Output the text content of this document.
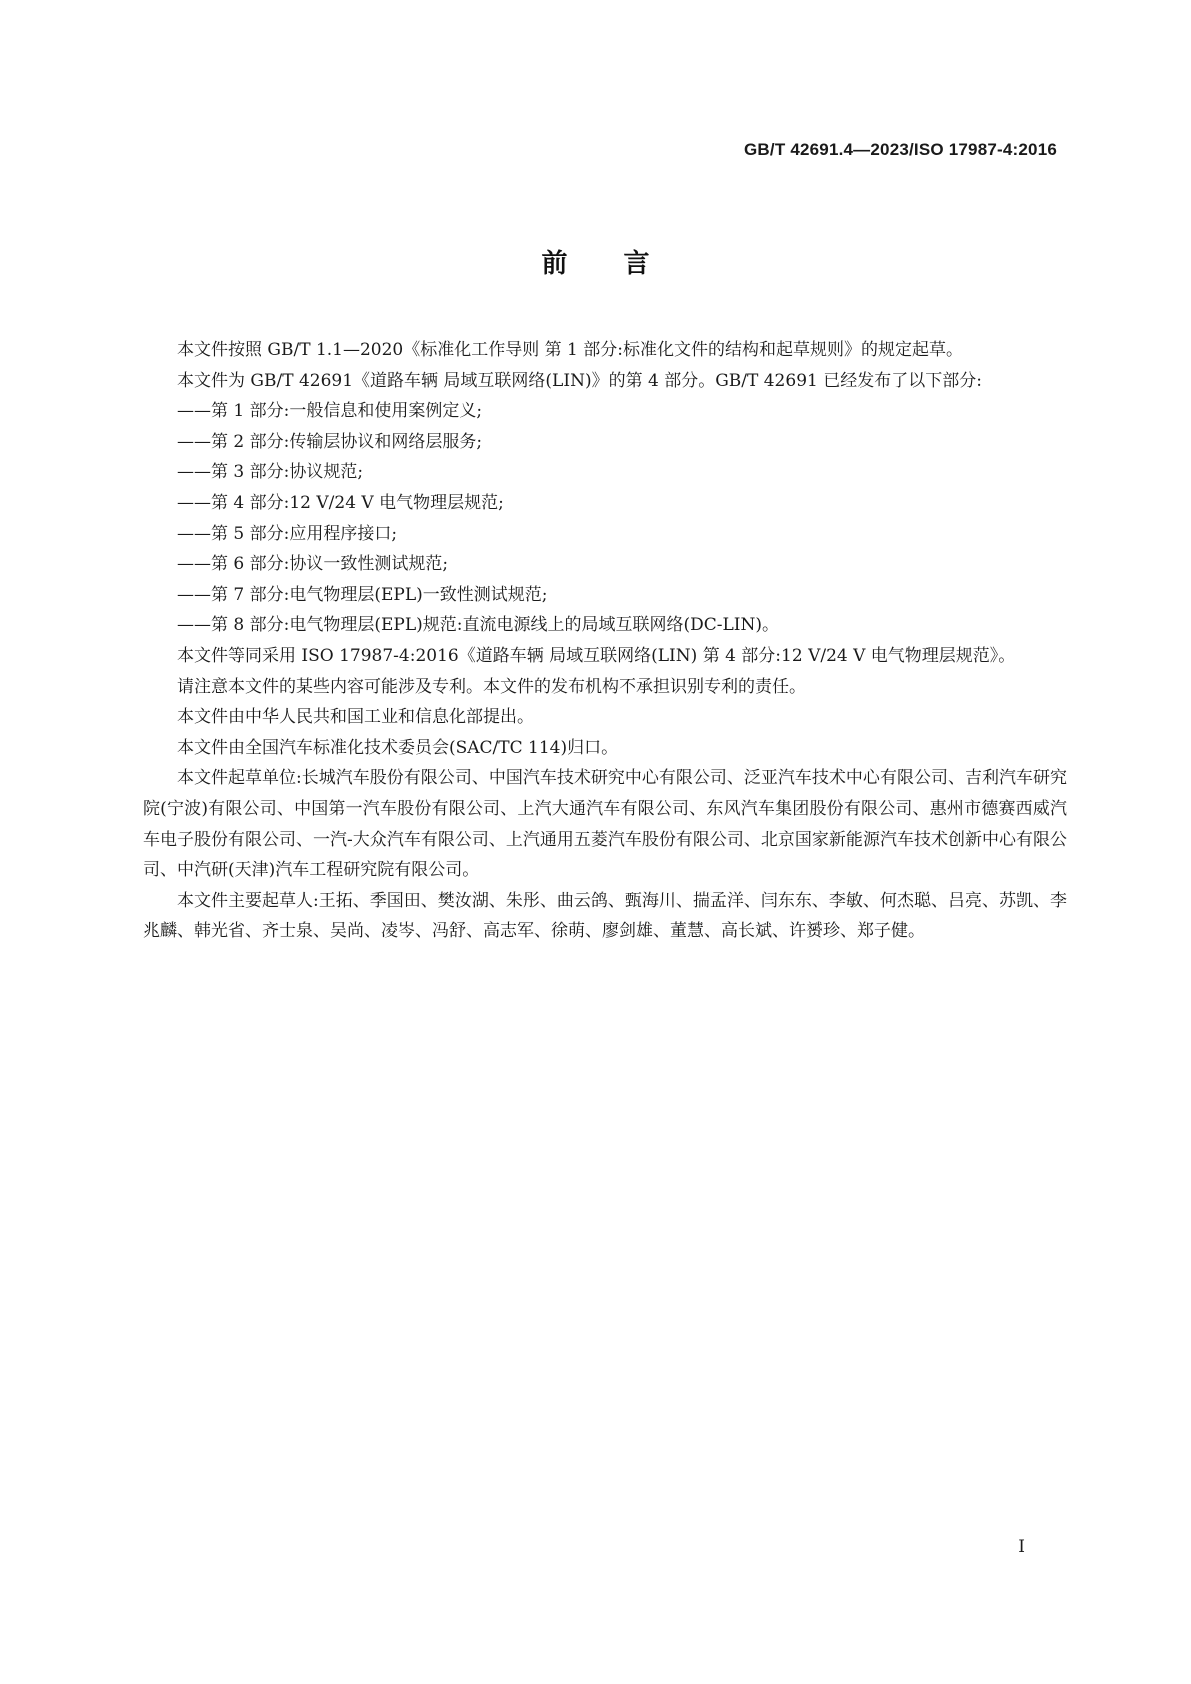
GB/T 42691.4—2023/ISO 17987-4:2016
前言

本文件按照 GB/T 1.1—2020《标准化工作导则 第 1 部分:标准化文件的结构和起草规则》的规定起草。

本文件为 GB/T 42691《道路车辆 局域互联网络(LIN)》的第 4 部分。GB/T 42691 已经发布了以下部分:

——第 1 部分:一般信息和使用案例定义;

——第 2 部分:传输层协议和网络层服务;

——第 3 部分:协议规范;

——第 4 部分:12 V/24 V 电气物理层规范;

——第 5 部分:应用程序接口;

——第 6 部分:协议一致性测试规范;

——第 7 部分:电气物理层(EPL)一致性测试规范;

——第 8 部分:电气物理层(EPL)规范:直流电源线上的局域互联网络(DC-LIN)。

本文件等同采用 ISO 17987-4:2016《道路车辆 局域互联网络(LIN) 第 4 部分:12 V/24 V 电气物理层规范》。

请注意本文件的某些内容可能涉及专利。本文件的发布机构不承担识别专利的责任。

本文件由中华人民共和国工业和信息化部提出。

本文件由全国汽车标准化技术委员会(SAC/TC 114)归口。

本文件起草单位:长城汽车股份有限公司、中国汽车技术研究中心有限公司、泛亚汽车技术中心有限公司、吉利汽车研究院(宁波)有限公司、中国第一汽车股份有限公司、上汽大通汽车有限公司、东风汽车集团股份有限公司、惠州市德赛西威汽车电子股份有限公司、一汽-大众汽车有限公司、上汽通用五菱汽车股份有限公司、北京国家新能源汽车技术创新中心有限公司、中汽研(天津)汽车工程研究院有限公司。

本文件主要起草人:王拓、季国田、樊汝湖、朱彤、曲云鸽、甄海川、揣孟洋、闫东东、李敏、何杰聪、吕亮、苏凯、李兆麟、韩光省、齐士泉、吴尚、凌岑、冯舒、高志军、徐萌、廖剑雄、董慧、高长斌、许赟珍、郑子健。

I
